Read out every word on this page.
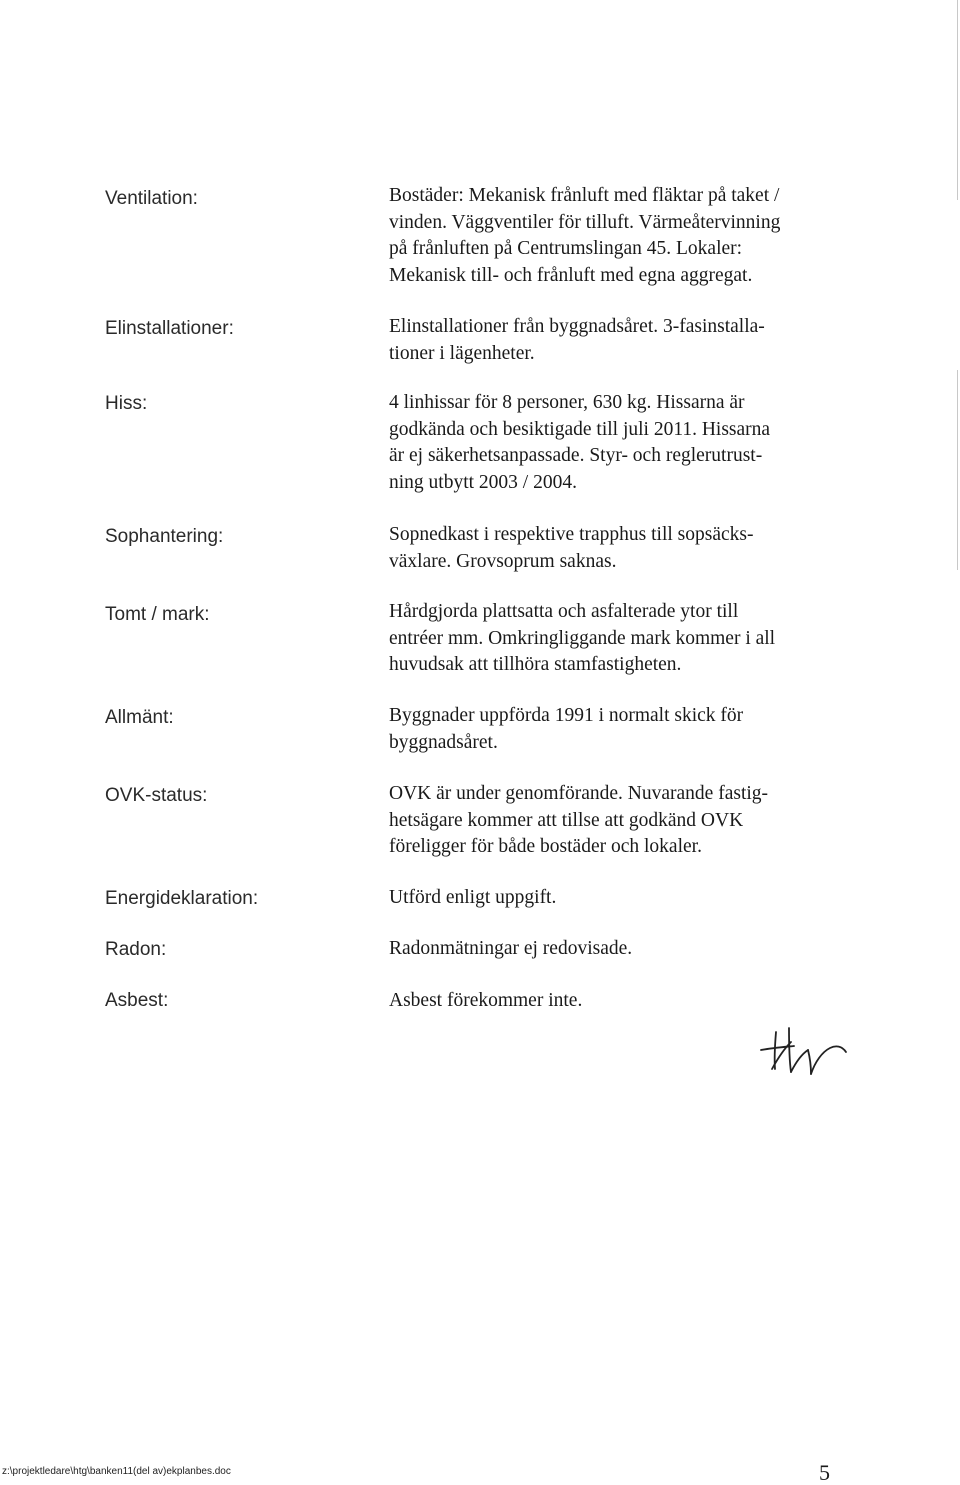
Ventilation:	Bostäder: Mekanisk frånluft med fläktar på taket /
vinden. Väggventiler för tilluft. Värmeåtervinning
på frånluften på Centrumslingan 45. Lokaler:
Mekanisk till- och frånluft med egna aggregat.
Elinstallationer:	Elinstallationer från byggnadsåret. 3-fasinstalla-
tioner i lägenheter.
Hiss:	4 linhissar för 8 personer, 630 kg. Hissarna är
godkända och besiktigade till juli 2011. Hissarna
är ej säkerhetsanpassade. Styr- och reglerutrust-
ning utbytt 2003 / 2004.
Sophantering:	Sopnedkast i respektive trapphus till sopsäcks-
växlare. Grovsoprum saknas.
Tomt / mark:	Hårdgjorda plattsatta och asfalterade ytor till
entréer mm. Omkringliggande mark kommer i all
huvudsak att tillhöra stamfastigheten.
Allmänt:	Byggnader uppförda 1991 i normalt skick för
byggnadsåret.
OVK-status:	OVK är under genomförande. Nuvarande fastig-
hetsägare kommer att tillse att godkänd OVK
föreligger för både bostäder och lokaler.
Energideklaration:	Utförd enligt uppgift.
Radon:	Radonmätningar ej redovisade.
Asbest:	Asbest förekommer inte.
z:\projektledare\htg\banken11(del av)ekplanbes.doc	5
